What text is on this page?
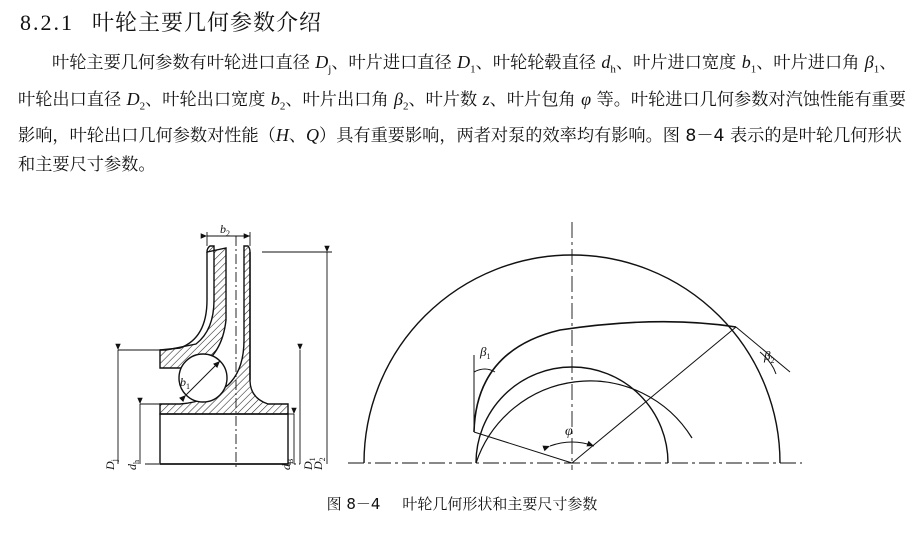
8.2.1 叶轮主要几何参数介绍

叶轮主要几何参数有叶轮进口直径 $D_j$、叶片进口直径 $D_1$、叶轮轮毂直径 $d_h$、叶片进口宽度 $b_1$、叶片进口角 $\beta_1$、叶轮出口直径 $D_2$、叶轮出口宽度 $b_2$、叶片出口角 $\beta_2$、叶片数 z、叶片包角 φ 等。叶轮进口几何参数对汽蚀性能有重要影响，叶轮出口几何参数对性能（H、Q）具有重要影响，两者对泵的效率均有影响。图 8－4 表示的是叶轮几何形状和主要尺寸参数。

$b_2$
$b_1$
$D_j$
$d_h$
$d_B$ $D_1$
$D_2$
$\beta_1$	$\beta_2$
φ

图 8－4 叶轮几何形状和主要尺寸参数
